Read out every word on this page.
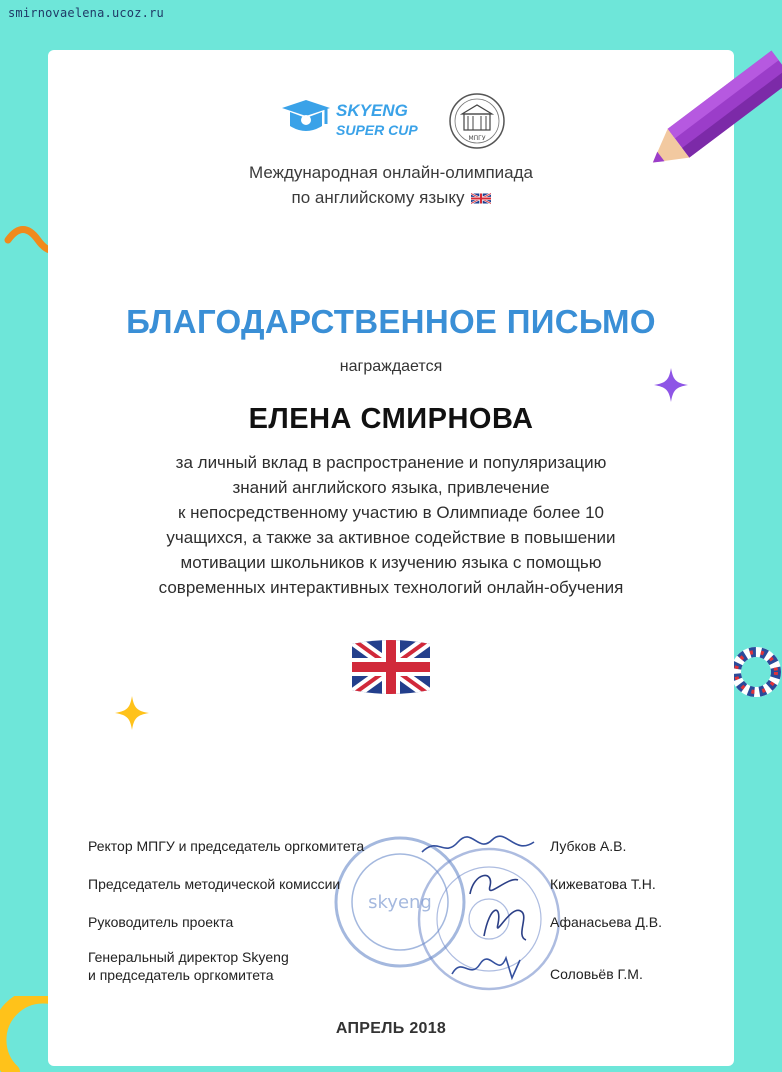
smirnovaelena.ucoz.ru
SKYENG
SUPER CUP
МПГУ
Международная онлайн-олимпиада
по английскому языку
БЛАГОДАРСТВЕННОЕ ПИСЬМО
награждается
ЕЛЕНА СМИРНОВА
за личный вклад в распространение и популяризацию
знаний английского языка, привлечение
к непосредственному участию в Олимпиаде более 10
учащихся, а также за активное содействие в повышении
мотивации школьников к изучению языка с помощью
современных интерактивных технологий онлайн-обучения
skyeng
Ректор МПГУ и председатель оргкомитета	Лубков А.В.
Председатель методической комиссии	Кижеватова Т.Н.
Руководитель проекта	Афанасьева Д.В.
Генеральный директор Skyeng
и председатель оргкомитета	Соловьёв Г.М.
АПРЕЛЬ 2018
